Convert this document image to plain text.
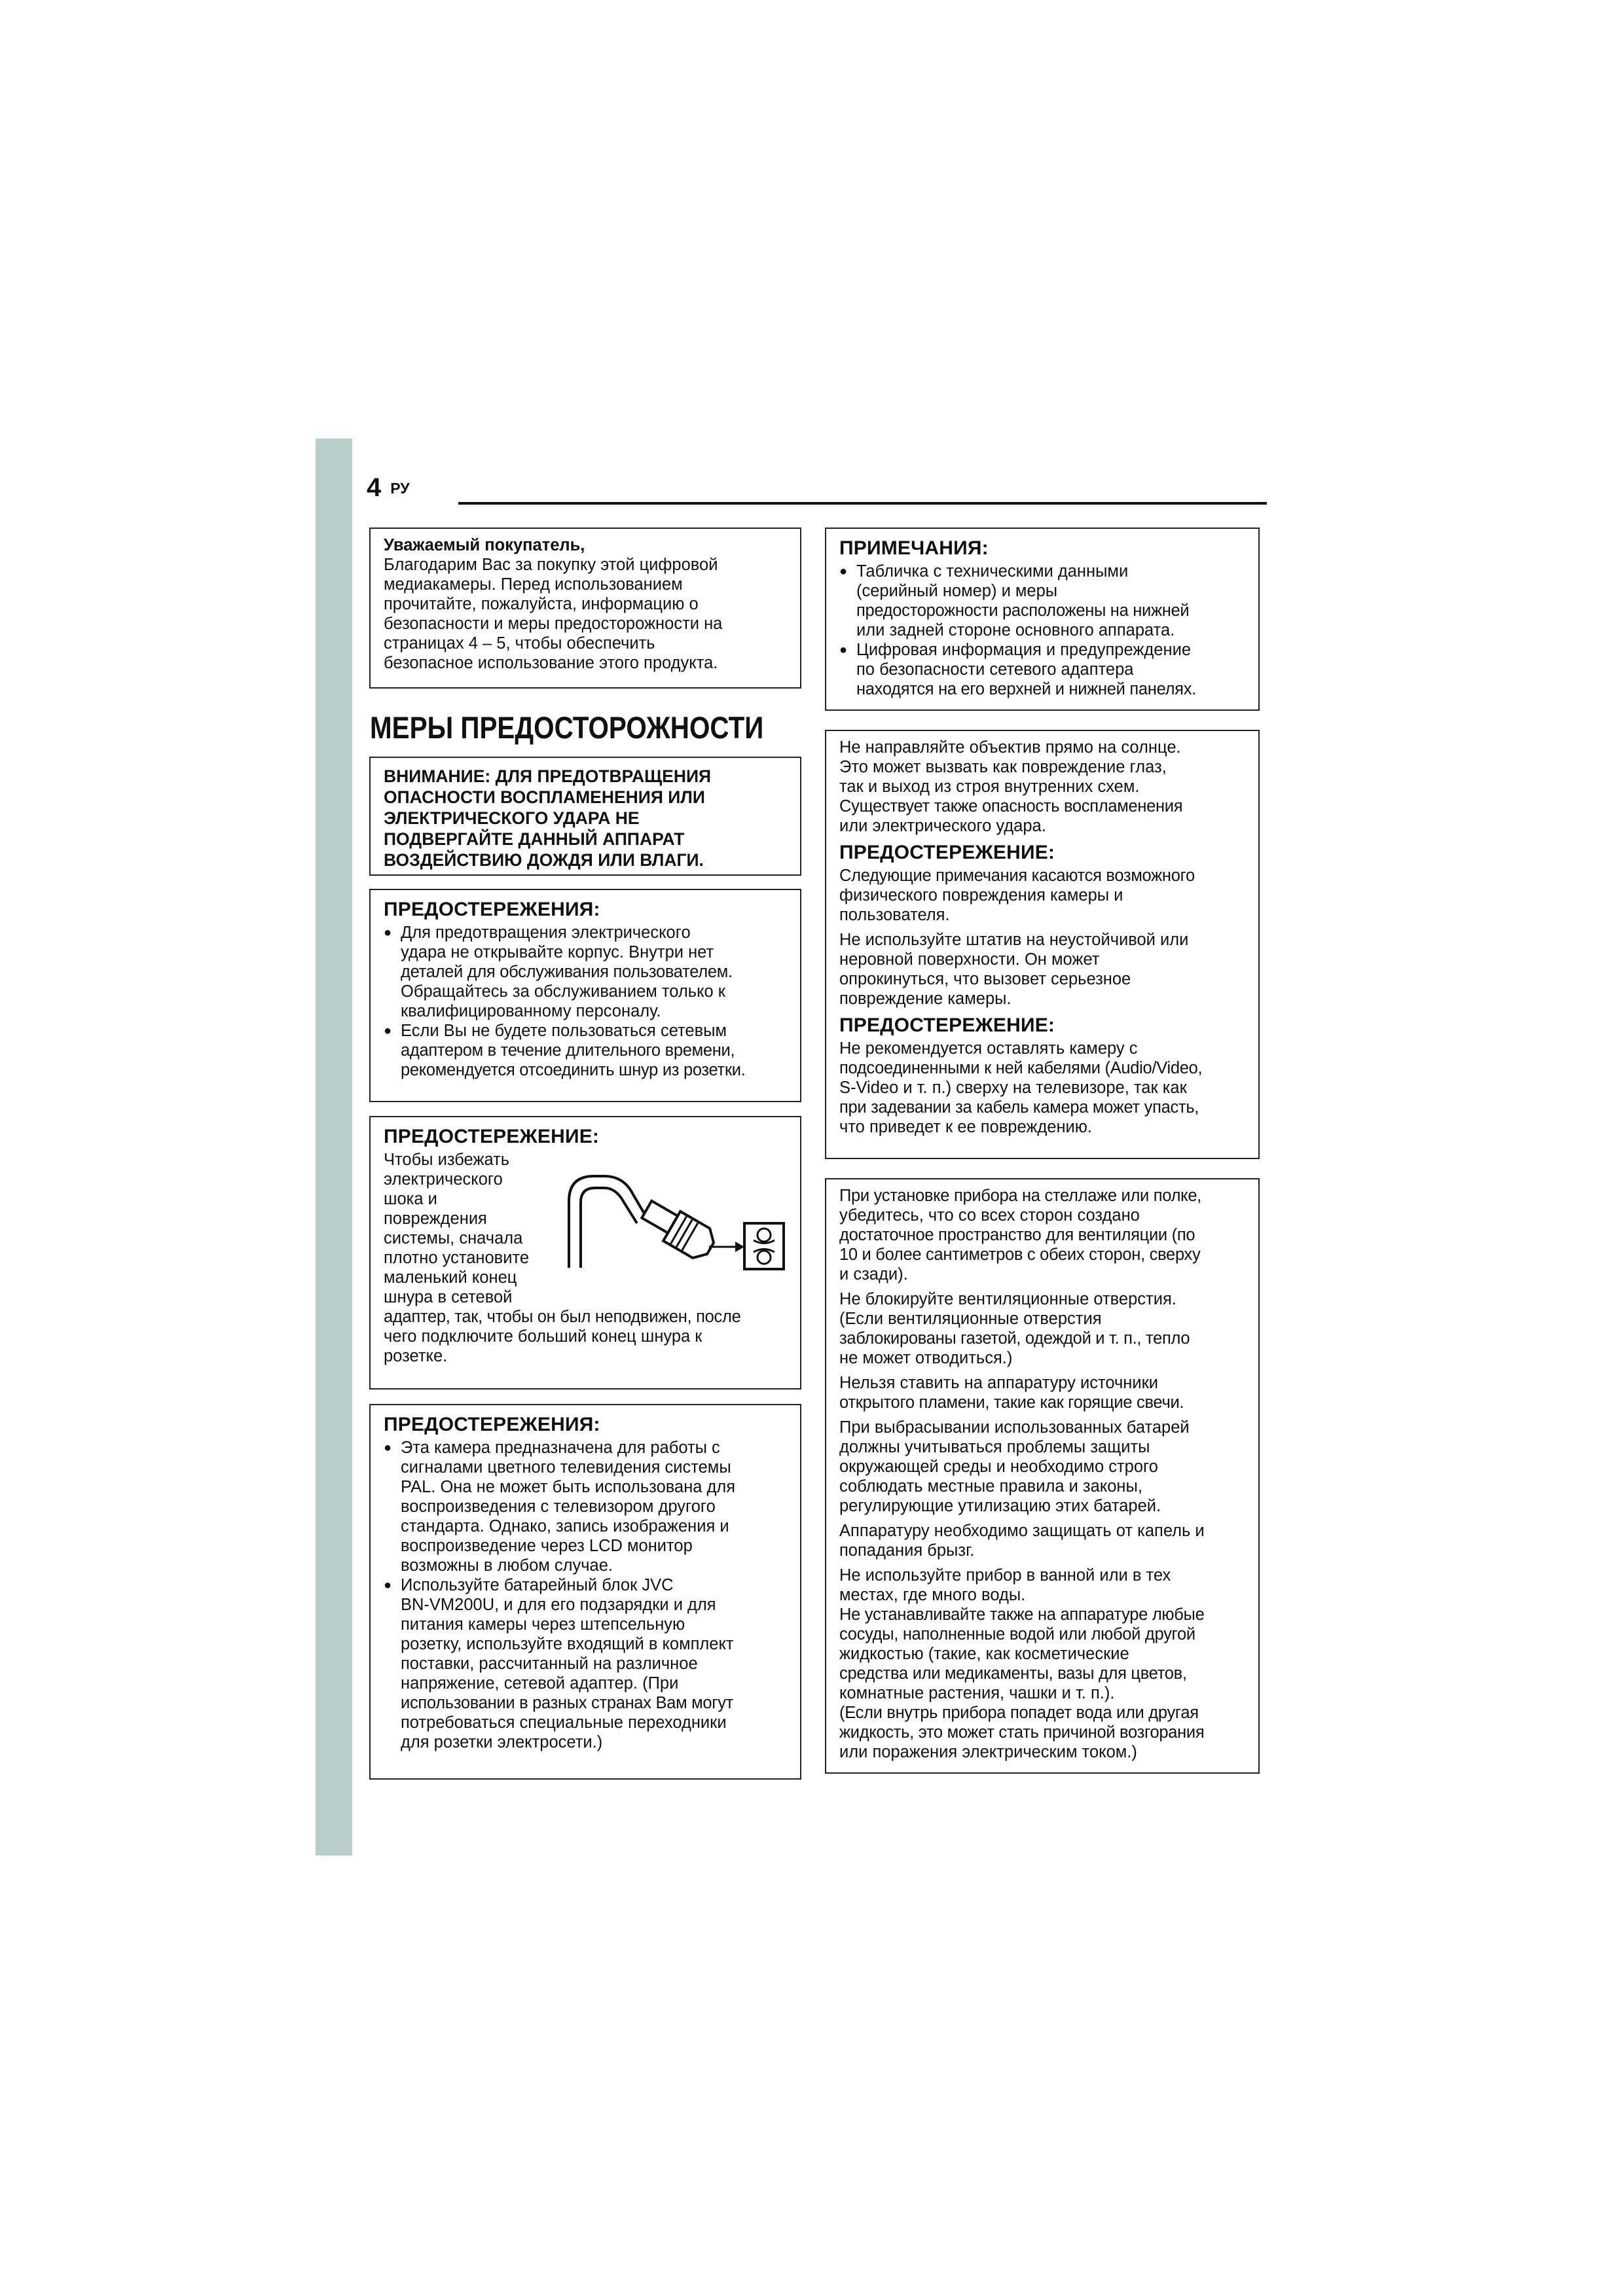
4 РУ

Уважаемый покупатель,

Благодарим Вас за покупку этой цифровой

медиакамеры. Перед использованием

прочитайте, пожалуйста, информацию о

безопасности и меры предосторожности на

страницах 4 – 5, чтобы обеспечить

безопасное использование этого продукта.

МЕРЫ ПРЕДОСТОРОЖНОСТИ

ВНИМАНИЕ: ДЛЯ ПРЕДОТВРАЩЕНИЯ

ОПАСНОСТИ ВОСПЛАМЕНЕНИЯ ИЛИ

ЭЛЕКТРИЧЕСКОГО УДАРА НЕ

ПОДВЕРГАЙТЕ ДАННЫЙ АППАРАТ

ВОЗДЕЙСТВИЮ ДОЖДЯ ИЛИ ВЛАГИ.

ПРЕДОСТЕРЕЖЕНИЯ:

● Для предотвращения электрического

удара не открывайте корпус. Внутри нет

деталей для обслуживания пользователем.

Обращайтесь за обслуживанием только к

квалифицированному персоналу.

● Если Вы не будете пользоваться сетевым

адаптером в течение длительного времени,

рекомендуется отсоединить шнур из розетки.

ПРЕДОСТЕРЕЖЕНИЕ:

Чтобы избежать

электрического

шока и

повреждения

системы, сначала

плотно установите

маленький конец

шнура в сетевой

адаптер, так, чтобы он был неподвижен, после

чего подключите больший конец шнура к

розетке.

ПРЕДОСТЕРЕЖЕНИЯ:

● Эта камера предназначена для работы с

сигналами цветного телевидения системы

PAL. Она не может быть использована для

воспроизведения с телевизором другого

стандарта. Однако, запись изображения и

воспроизведение через LCD монитор

возможны в любом случае.

● Используйте батарейный блок JVC

BN-VM200U, и для его подзарядки и для

питания камеры через штепсельную

розетку, используйте входящий в комплект

поставки, рассчитанный на различное

напряжение, сетевой адаптер. (При

использовании в разных странах Вам могут

потребоваться специальные переходники

для розетки электросети.)

ПРИМЕЧАНИЯ:

● Табличка с техническими данными

(серийный номер) и меры

предосторожности расположены на нижней

или задней стороне основного аппарата.

● Цифровая информация и предупреждение

по безопасности сетевого адаптера

находятся на его верхней и нижней панелях.

Не направляйте объектив прямо на солнце.

Это может вызвать как повреждение глаз,

так и выход из строя внутренних схем.

Существует также опасность воспламенения

или электрического удара.

ПРЕДОСТЕРЕЖЕНИЕ:

Следующие примечания касаются возможного

физического повреждения камеры и

пользователя.

Не используйте штатив на неустойчивой или

неровной поверхности. Он может

опрокинуться, что вызовет серьезное

повреждение камеры.

ПРЕДОСТЕРЕЖЕНИЕ:

Не рекомендуется оставлять камеру с

подсоединенными к ней кабелями (Audio/Video,

S-Video и т. п.) сверху на телевизоре, так как

при задевании за кабель камера может упасть,

что приведет к ее повреждению.

При установке прибора на стеллаже или полке,

убедитесь, что со всех сторон создано

достаточное пространство для вентиляции (по

10 и более сантиметров с обеих сторон, сверху

и сзади).

Не блокируйте вентиляционные отверстия.

(Если вентиляционные отверстия

заблокированы газетой, одеждой и т. п., тепло

не может отводиться.)

Нельзя ставить на аппаратуру источники

открытого пламени, такие как горящие свечи.

При выбрасывании использованных батарей

должны учитываться проблемы защиты

окружающей среды и необходимо строго

соблюдать местные правила и законы,

регулирующие утилизацию этих батарей.

Аппаратуру необходимо защищать от капель и

попадания брызг.

Не используйте прибор в ванной или в тех

местах, где много воды.

Не устанавливайте также на аппаратуре любые

сосуды, наполненные водой или любой другой

жидкостью (такие, как косметические

средства или медикаменты, вазы для цветов,

комнатные растения, чашки и т. п.).

(Если внутрь прибора попадет вода или другая

жидкость, это может стать причиной возгорания

или поражения электрическим током.)
